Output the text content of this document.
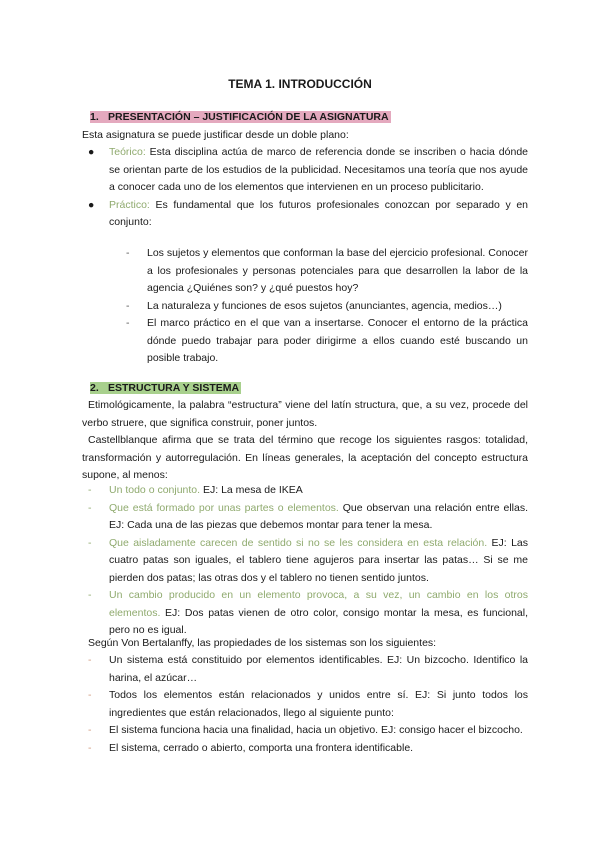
TEMA 1. INTRODUCCIÓN
1. PRESENTACIÓN – JUSTIFICACIÓN DE LA ASIGNATURA

Esta asignatura se puede justificar desde un doble plano:

● Teórico: Esta disciplina actúa de marco de referencia donde se inscriben o hacia dónde se orientan parte de los estudios de la publicidad. Necesitamos una teoría que nos ayude a conocer cada uno de los elementos que intervienen en un proceso publicitario.

● Práctico: Es fundamental que los futuros profesionales conozcan por separado y en conjunto:

- Los sujetos y elementos que conforman la base del ejercicio profesional. Conocer a los profesionales y personas potenciales para que desarrollen la labor de la agencia ¿Quiénes son? y ¿qué puestos hoy?

- La naturaleza y funciones de esos sujetos (anunciantes, agencia, medios…)

- El marco práctico en el que van a insertarse. Conocer el entorno de la práctica dónde puedo trabajar para poder dirigirme a ellos cuando esté buscando un posible trabajo.

2. ESTRUCTURA Y SISTEMA

Etimológicamente, la palabra “estructura” viene del latín structura, que, a su vez, procede del verbo struere, que significa construir, poner juntos.

Castellblanque afirma que se trata del término que recoge los siguientes rasgos: totalidad, transformación y autorregulación. En líneas generales, la aceptación del concepto estructura supone, al menos:

- Un todo o conjunto. EJ: La mesa de IKEA

- Que está formado por unas partes o elementos. Que observan una relación entre ellas. EJ: Cada una de las piezas que debemos montar para tener la mesa.

- Que aisladamente carecen de sentido si no se les considera en esta relación. EJ: Las cuatro patas son iguales, el tablero tiene agujeros para insertar las patas… Si se me pierden dos patas; las otras dos y el tablero no tienen sentido juntos.

- Un cambio producido en un elemento provoca, a su vez, un cambio en los otros elementos. EJ: Dos patas vienen de otro color, consigo montar la mesa, es funcional, pero no es igual.

Según Von Bertalanffy, las propiedades de los sistemas son los siguientes:

- Un sistema está constituido por elementos identificables. EJ: Un bizcocho. Identifico la harina, el azúcar…

- Todos los elementos están relacionados y unidos entre sí. EJ: Si junto todos los ingredientes que están relacionados, llego al siguiente punto:

- El sistema funciona hacia una finalidad, hacia un objetivo. EJ: consigo hacer el bizcocho.

- El sistema, cerrado o abierto, comporta una frontera identificable.
